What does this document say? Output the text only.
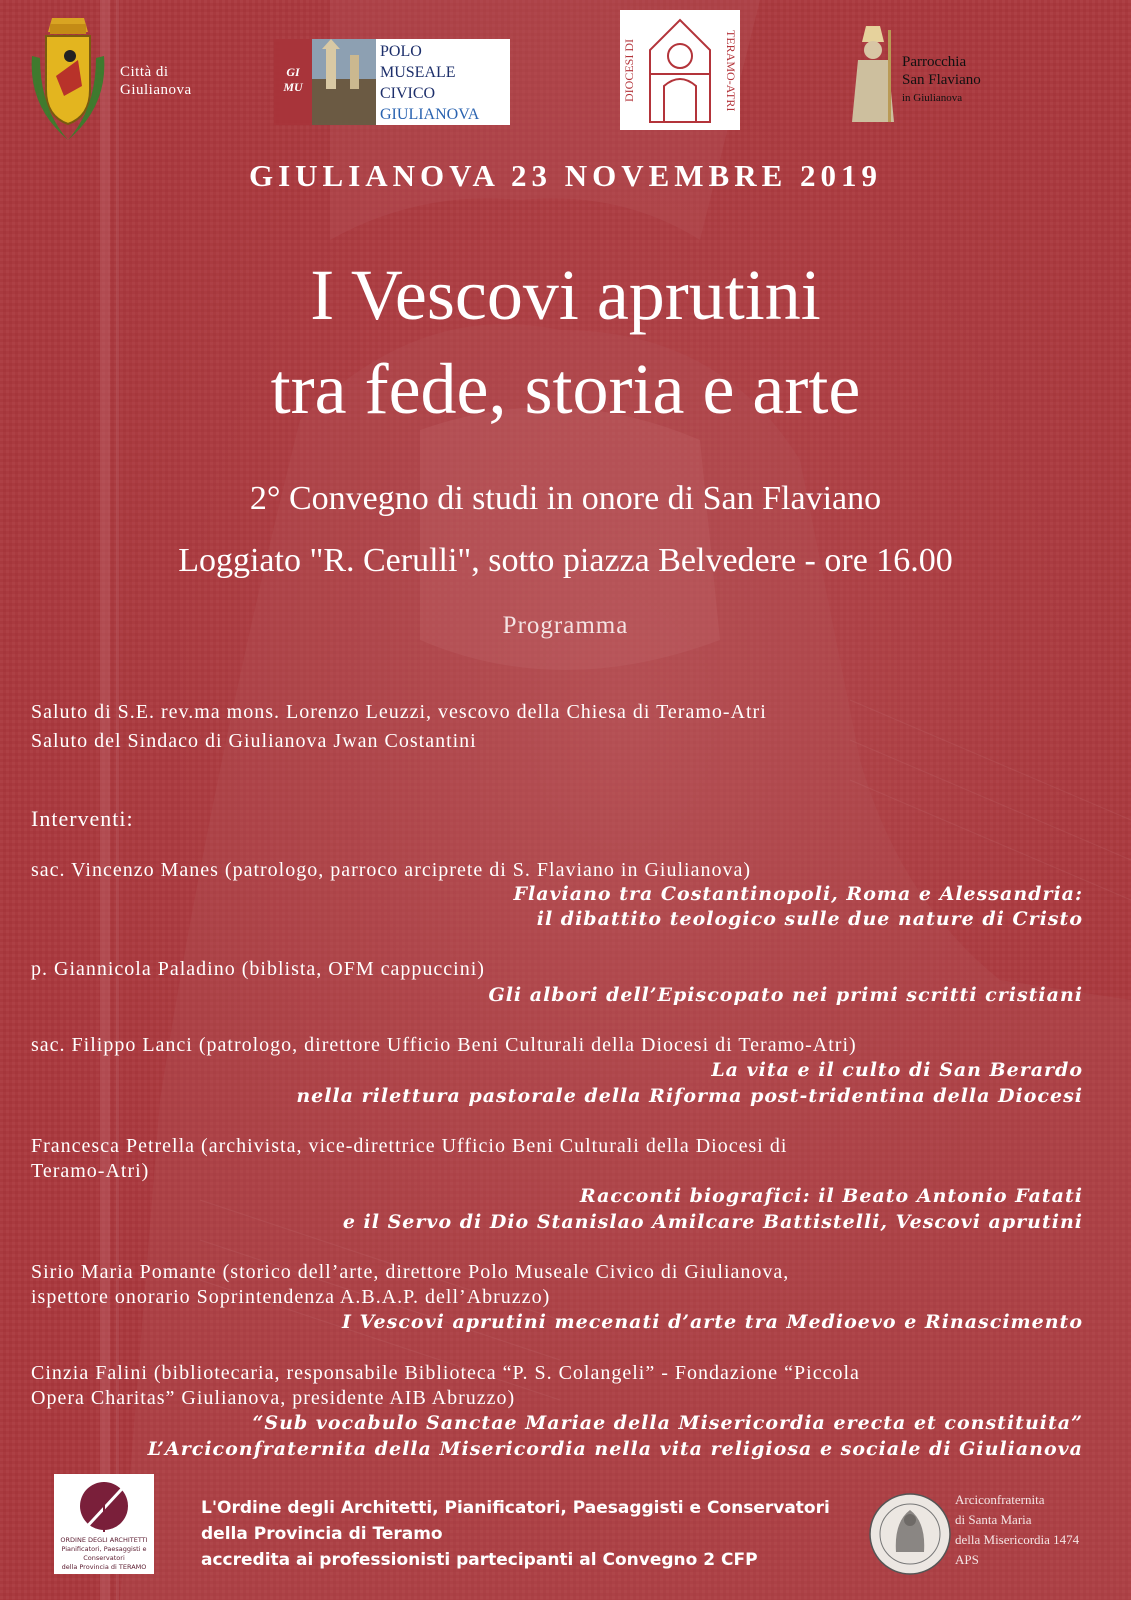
Città di
Giulianova
GI
MU
POLO
MUSEALE
CIVICO
GIULIANOVA
DIOCESI DI	TERAMO-ATRI	Parrocchia
San Flaviano
in Giulianova
GIULIANOVA 23 NOVEMBRE 2019
I Vescovi aprutini
tra fede, storia e arte
2° Convegno di studi in onore di San Flaviano
Loggiato "R. Cerulli", sotto piazza Belvedere - ore 16.00
Programma
Saluto di S.E. rev.ma mons. Lorenzo Leuzzi, vescovo della Chiesa di Teramo-Atri
Saluto del Sindaco di Giulianova Jwan Costantini
Interventi:
sac. Vincenzo Manes (patrologo, parroco arciprete di S. Flaviano in Giulianova)
Flaviano tra Costantinopoli, Roma e Alessandria:
il dibattito teologico sulle due nature di Cristo
p. Giannicola Paladino (biblista, OFM cappuccini)
Gli albori dell’Episcopato nei primi scritti cristiani
sac. Filippo Lanci (patrologo, direttore Ufficio Beni Culturali della Diocesi di Teramo-Atri)
La vita e il culto di San Berardo
nella rilettura pastorale della Riforma post-tridentina della Diocesi
Francesca Petrella (archivista, vice-direttrice Ufficio Beni Culturali della Diocesi di
Teramo-Atri)
Racconti biografici: il Beato Antonio Fatati
e il Servo di Dio Stanislao Amilcare Battistelli, Vescovi aprutini
Sirio Maria Pomante (storico dell’arte, direttore Polo Museale Civico di Giulianova,
ispettore onorario Soprintendenza A.B.A.P. dell’Abruzzo)
I Vescovi aprutini mecenati d’arte tra Medioevo e Rinascimento
Cinzia Falini (bibliotecaria, responsabile Biblioteca “P. S. Colangeli” - Fondazione “Piccola
Opera Charitas” Giulianova, presidente AIB Abruzzo)
“Sub vocabulo Sanctae Mariae della Misericordia erecta et constituita”
L’Arciconfraternita della Misericordia nella vita religiosa e sociale di Giulianova
ORDINE DEGLI ARCHITETTI
Pianificatori, Paesaggisti e Conservatori
della Provincia di TERAMO
L'Ordine degli Architetti, Pianificatori, Paesaggisti e Conservatori
della Provincia di Teramo
accredita ai professionisti partecipanti al Convegno 2 CFP
Arciconfraternita
di Santa Maria
della Misericordia 1474
APS
